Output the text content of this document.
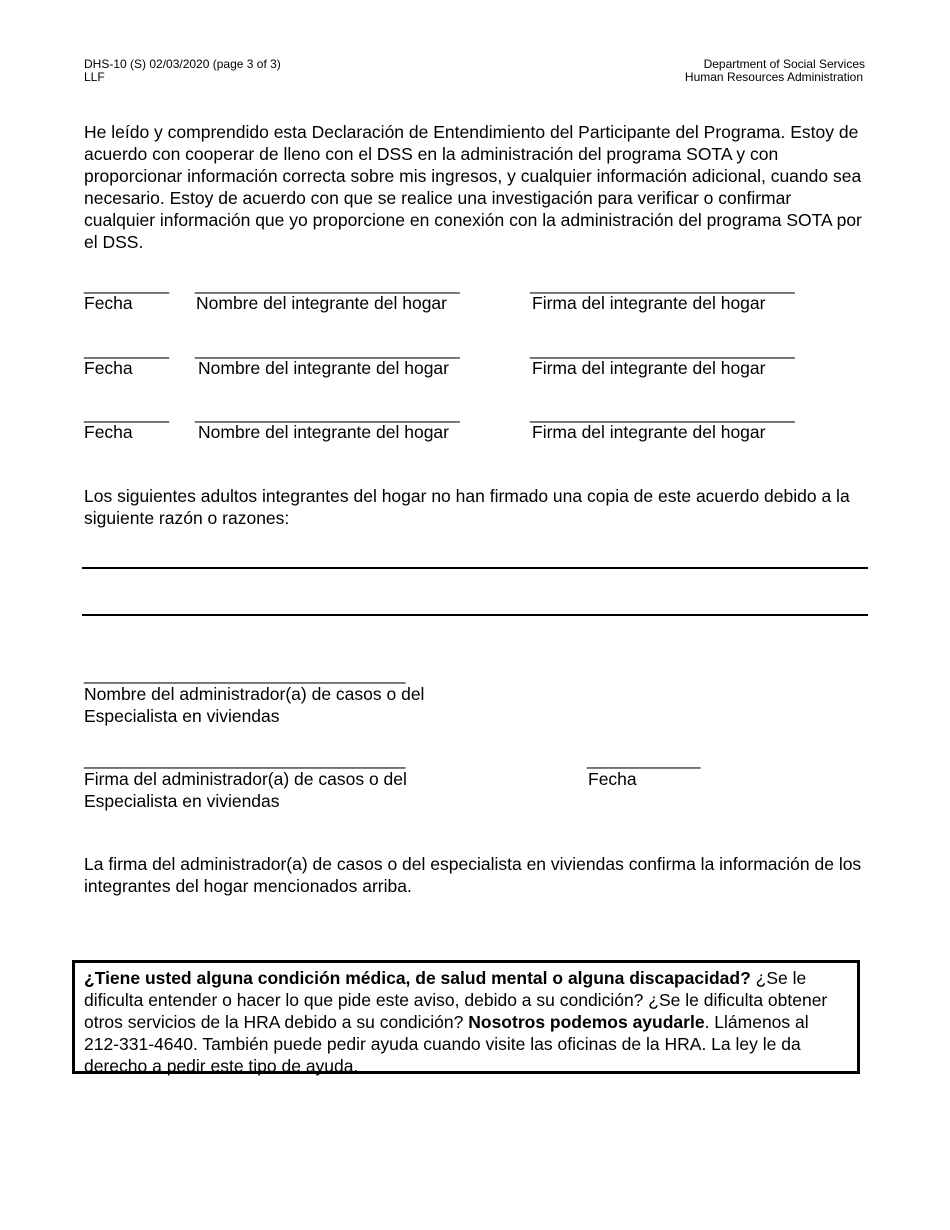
DHS-10 (S) 02/03/2020 (page 3 of 3)
LLF
Department of Social Services
Human Resources Administration
He leído y comprendido esta Declaración de Entendimiento del Participante del Programa. Estoy de acuerdo con cooperar de lleno con el DSS en la administración del programa SOTA y con proporcionar información correcta sobre mis ingresos, y cualquier información adicional, cuando sea necesario. Estoy de acuerdo con que se realice una investigación para verificar o confirmar cualquier información que yo proporcione en conexión con la administración del programa SOTA por el DSS.
_________ ____________________________	____________________________
Fecha	Nombre del integrante del hogar	Firma del integrante del hogar
_________ ____________________________	____________________________
Fecha	Nombre del integrante del hogar	Firma del integrante del hogar
_________ ____________________________	____________________________
Fecha	Nombre del integrante del hogar	Firma del integrante del hogar
Los siguientes adultos integrantes del hogar no han firmado una copia de este acuerdo debido a la siguiente razón o razones:
__________________________________
Nombre del administrador(a) de casos o del
Especialista en viviendas
__________________________________
Firma del administrador(a) de casos o del
Especialista en viviendas
____________
Fecha
La firma del administrador(a) de casos o del especialista en viviendas confirma la información de los integrantes del hogar mencionados arriba.
¿Tiene usted alguna condición médica, de salud mental o alguna discapacidad? ¿Se le dificulta entender o hacer lo que pide este aviso, debido a su condición? ¿Se le dificulta obtener otros servicios de la HRA debido a su condición? Nosotros podemos ayudarle. Llámenos al 212-331-4640. También puede pedir ayuda cuando visite las oficinas de la HRA. La ley le da derecho a pedir este tipo de ayuda.
